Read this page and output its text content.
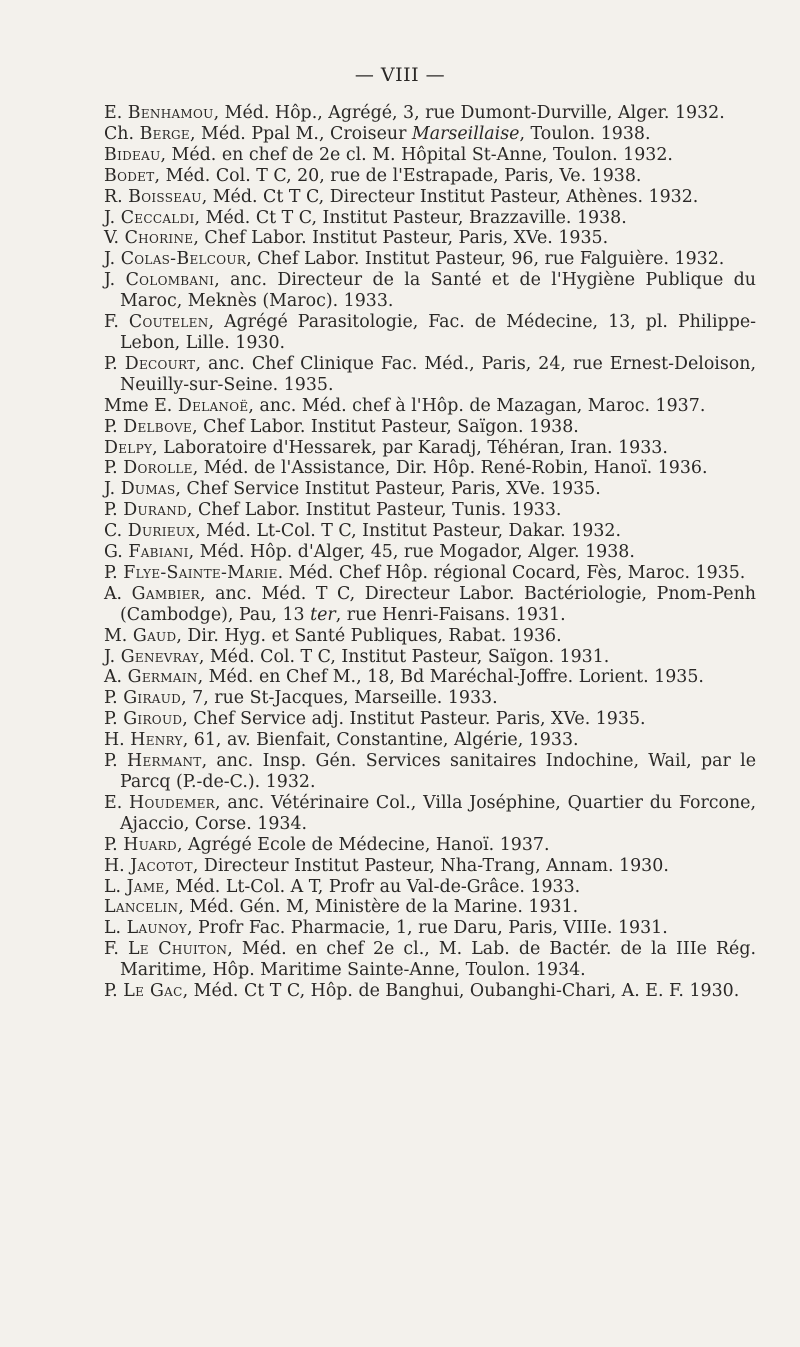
— VIII —

E. Benhamou, Méd. Hôp., Agrégé, 3, rue Dumont-Durville, Alger. 1932.

Ch. Berge, Méd. Ppal M., Croiseur Marseillaise, Toulon. 1938.

Bideau, Méd. en chef de 2e cl. M. Hôpital St-Anne, Toulon. 1932.

Bodet, Méd. Col. T C, 20, rue de l'Estrapade, Paris, Ve. 1938.

R. Boisseau, Méd. Ct T C, Directeur Institut Pasteur, Athènes. 1932.

J. Ceccaldi, Méd. Ct T C, Institut Pasteur, Brazzaville. 1938.

V. Chorine, Chef Labor. Institut Pasteur, Paris, XVe. 1935.

J. Colas-Belcour, Chef Labor. Institut Pasteur, 96, rue Falguière. 1932.

J. Colombani, anc. Directeur de la Santé et de l'Hygiène Publique du Maroc, Meknès (Maroc). 1933.

F. Coutelen, Agrégé Parasitologie, Fac. de Médecine, 13, pl. Philippe-Lebon, Lille. 1930.

P. Decourt, anc. Chef Clinique Fac. Méd., Paris, 24, rue Ernest-Deloison, Neuilly-sur-Seine. 1935.

Mme E. Delanoë, anc. Méd. chef à l'Hôp. de Mazagan, Maroc. 1937.

P. Delbove, Chef Labor. Institut Pasteur, Saïgon. 1938.

Delpy, Laboratoire d'Hessarek, par Karadj, Téhéran, Iran. 1933.

P. Dorolle, Méd. de l'Assistance, Dir. Hôp. René-Robin, Hanoï. 1936.

J. Dumas, Chef Service Institut Pasteur, Paris, XVe. 1935.

P. Durand, Chef Labor. Institut Pasteur, Tunis. 1933.

C. Durieux, Méd. Lt-Col. T C, Institut Pasteur, Dakar. 1932.

G. Fabiani, Méd. Hôp. d'Alger, 45, rue Mogador, Alger. 1938.

P. Flye-Sainte-Marie. Méd. Chef Hôp. régional Cocard, Fès, Maroc. 1935.

A. Gambier, anc. Méd. T C, Directeur Labor. Bactériologie, Pnom-Penh (Cambodge), Pau, 13 ter, rue Henri-Faisans. 1931.

M. Gaud, Dir. Hyg. et Santé Publiques, Rabat. 1936.

J. Genevray, Méd. Col. T C, Institut Pasteur, Saïgon. 1931.

A. Germain, Méd. en Chef M., 18, Bd Maréchal-Joffre. Lorient. 1935.

P. Giraud, 7, rue St-Jacques, Marseille. 1933.

P. Giroud, Chef Service adj. Institut Pasteur. Paris, XVe. 1935.

H. Henry, 61, av. Bienfait, Constantine, Algérie, 1933.

P. Hermant, anc. Insp. Gén. Services sanitaires Indochine, Wail, par le Parcq (P.-de-C.). 1932.

E. Houdemer, anc. Vétérinaire Col., Villa Joséphine, Quartier du Forcone, Ajaccio, Corse. 1934.

P. Huard, Agrégé Ecole de Médecine, Hanoï. 1937.

H. Jacotot, Directeur Institut Pasteur, Nha-Trang, Annam. 1930.

L. Jame, Méd. Lt-Col. A T, Profr au Val-de-Grâce. 1933.

Lancelin, Méd. Gén. M, Ministère de la Marine. 1931.

L. Launoy, Profr Fac. Pharmacie, 1, rue Daru, Paris, VIIIe. 1931.

F. Le Chuiton, Méd. en chef 2e cl., M. Lab. de Bactér. de la IIIe Rég. Maritime, Hôp. Maritime Sainte-Anne, Toulon. 1934.

P. Le Gac, Méd. Ct T C, Hôp. de Banghui, Oubanghi-Chari, A. E. F. 1930.
